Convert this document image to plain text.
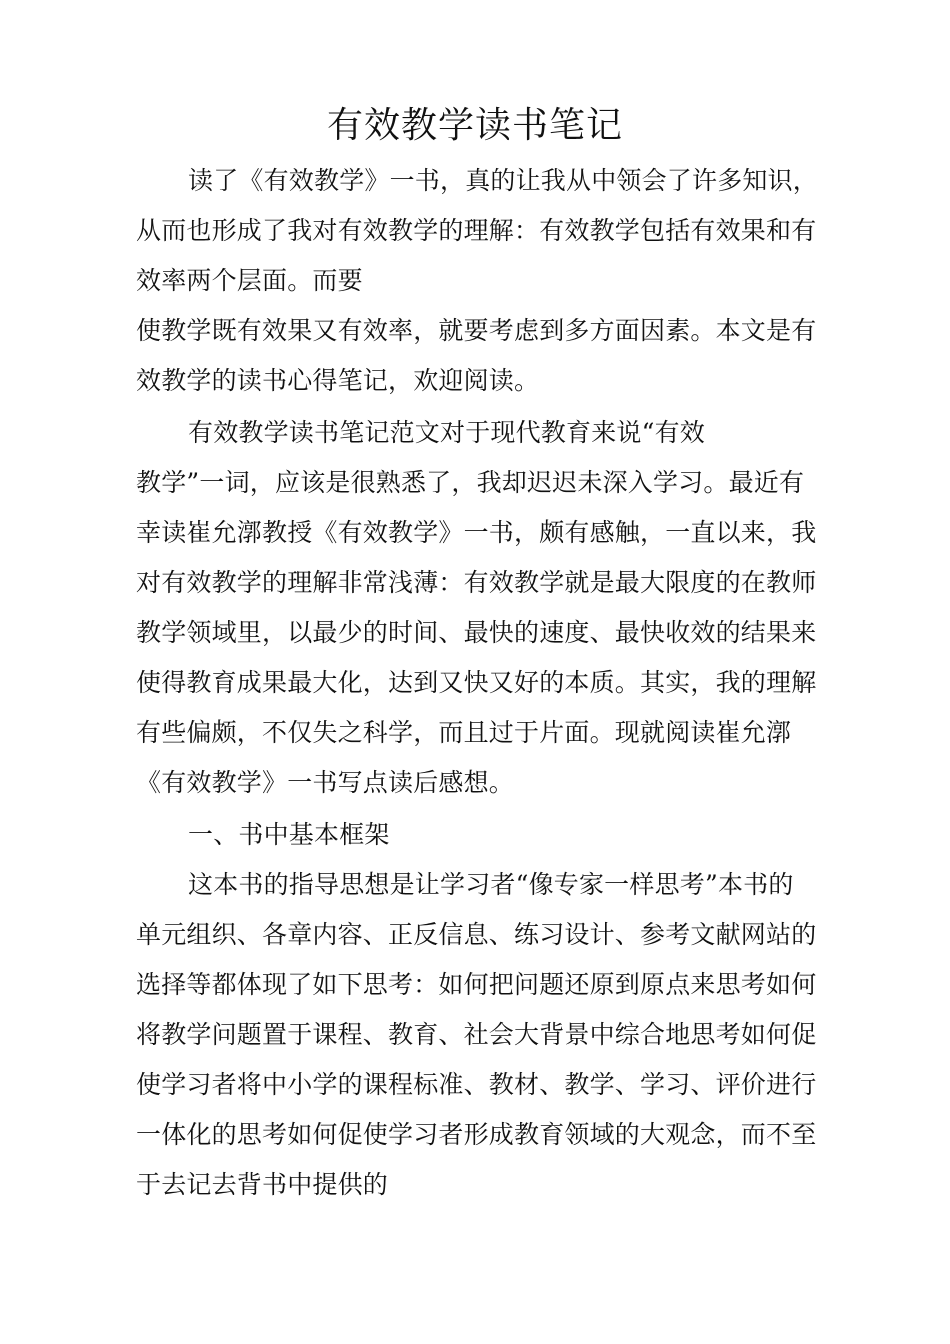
有效教学读书笔记
读了《有效教学》一书，真的让我从中领会了许多知识，
从而也形成了我对有效教学的理解：有效教学包括有效果和有
效率两个层面。而要
使教学既有效果又有效率，就要考虑到多方面因素。本文是有
效教学的读书心得笔记，欢迎阅读。
有效教学读书笔记范文对于现代教育来说“有效
教学”一词，应该是很熟悉了，我却迟迟未深入学习。最近有
幸读崔允漷教授《有效教学》一书，颇有感触，一直以来，我
对有效教学的理解非常浅薄：有效教学就是最大限度的在教师
教学领域里，以最少的时间、最快的速度、最快收效的结果来
使得教育成果最大化，达到又快又好的本质。其实，我的理解
有些偏颇，不仅失之科学，而且过于片面。现就阅读崔允漷
《有效教学》一书写点读后感想。
一、书中基本框架
这本书的指导思想是让学习者“像专家一样思考”本书的
单元组织、各章内容、正反信息、练习设计、参考文献网站的
选择等都体现了如下思考：如何把问题还原到原点来思考如何
将教学问题置于课程、教育、社会大背景中综合地思考如何促
使学习者将中小学的课程标准、教材、教学、学习、评价进行
一体化的思考如何促使学习者形成教育领域的大观念，而不至
于去记去背书中提供的
